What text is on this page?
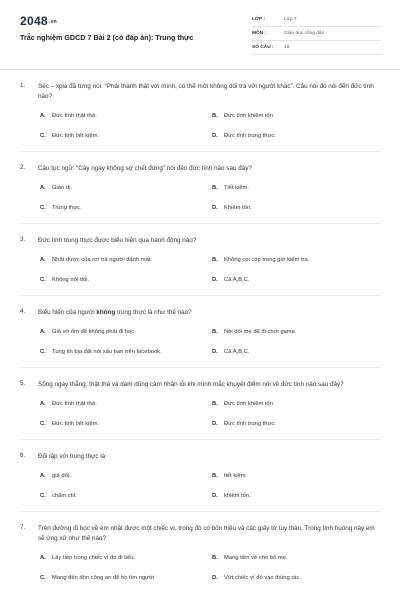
2048.vn
Trắc nghiệm GDCD 7 Bài 2 (có đáp án): Trung thực
LỚP :	Lớp 7
MÔN :	Giáo dục công dân
SỐ CÂU :	10
1.	Séc – xpia đã từng nói: “Phải thành thật với mình, có thế mới không dối trá với người khác”. Câu nói đó nói đến đức tính nào?
A.	Đức tính thật thà.	B.	Đức tính khiêm tốn.
C.	Đức tính tiết kiệm.	D.	Đức tính trung thực.
2.	Câu tục ngữ: “Cây ngay không sợ chết đứng” nói đến đức tính nào sau đây?
A.	Giản dị.	B.	Tiết kiệm.
C.	Trung thực.	D.	Khiêm tốn.
3.	Đức tính trung thực được biểu hiện qua hành động nào?
A.	Nhặt được của rơi trả người đánh mất.	B.	Không coi cóp trong giờ kiểm tra.
C.	Không nói dối.	D.	Cả A,B,C.
4.	Biểu hiện của người không trung thực là như thế nào?
A.	Giả vờ ốm để không phải đi học.	B.	Nói dối mẹ để đi chơi game.
C.	Tung tin bịa đặt nói xấu bạn trên facebook.	D.	Cả A,B,C.
5.	Sống ngay thẳng, thật thà và dám dũng cảm nhận lỗi khi mình mắc khuyết điểm nói về đức tính nào sau đây?
A.	Đức tính thật thà.	B.	Đức tính khiêm tốn.
C.	Đức tính tiết kiệm.	D.	Đức tính trung thực.
6.	Đối lập với trung thực là
A.	giả dối.	B.	tiết kiệm.
C.	chăm chỉ.	D.	khiêm tốn.
7.	Trên đường đi học về em nhặt được một chiếc ví, trong đó có bốn triệu và các giấy tờ tùy thân. Trong tình huống này em sẽ ứng xử như thế nào?
A.	Lấy tiền trong chiếc ví đó đi tiêu.	B.	Mang tiền về cho bố mẹ.
C.	Mang đến đồn công an để họ tìm người	D.	Vứt chiếc ví đó vào thùng rác.
